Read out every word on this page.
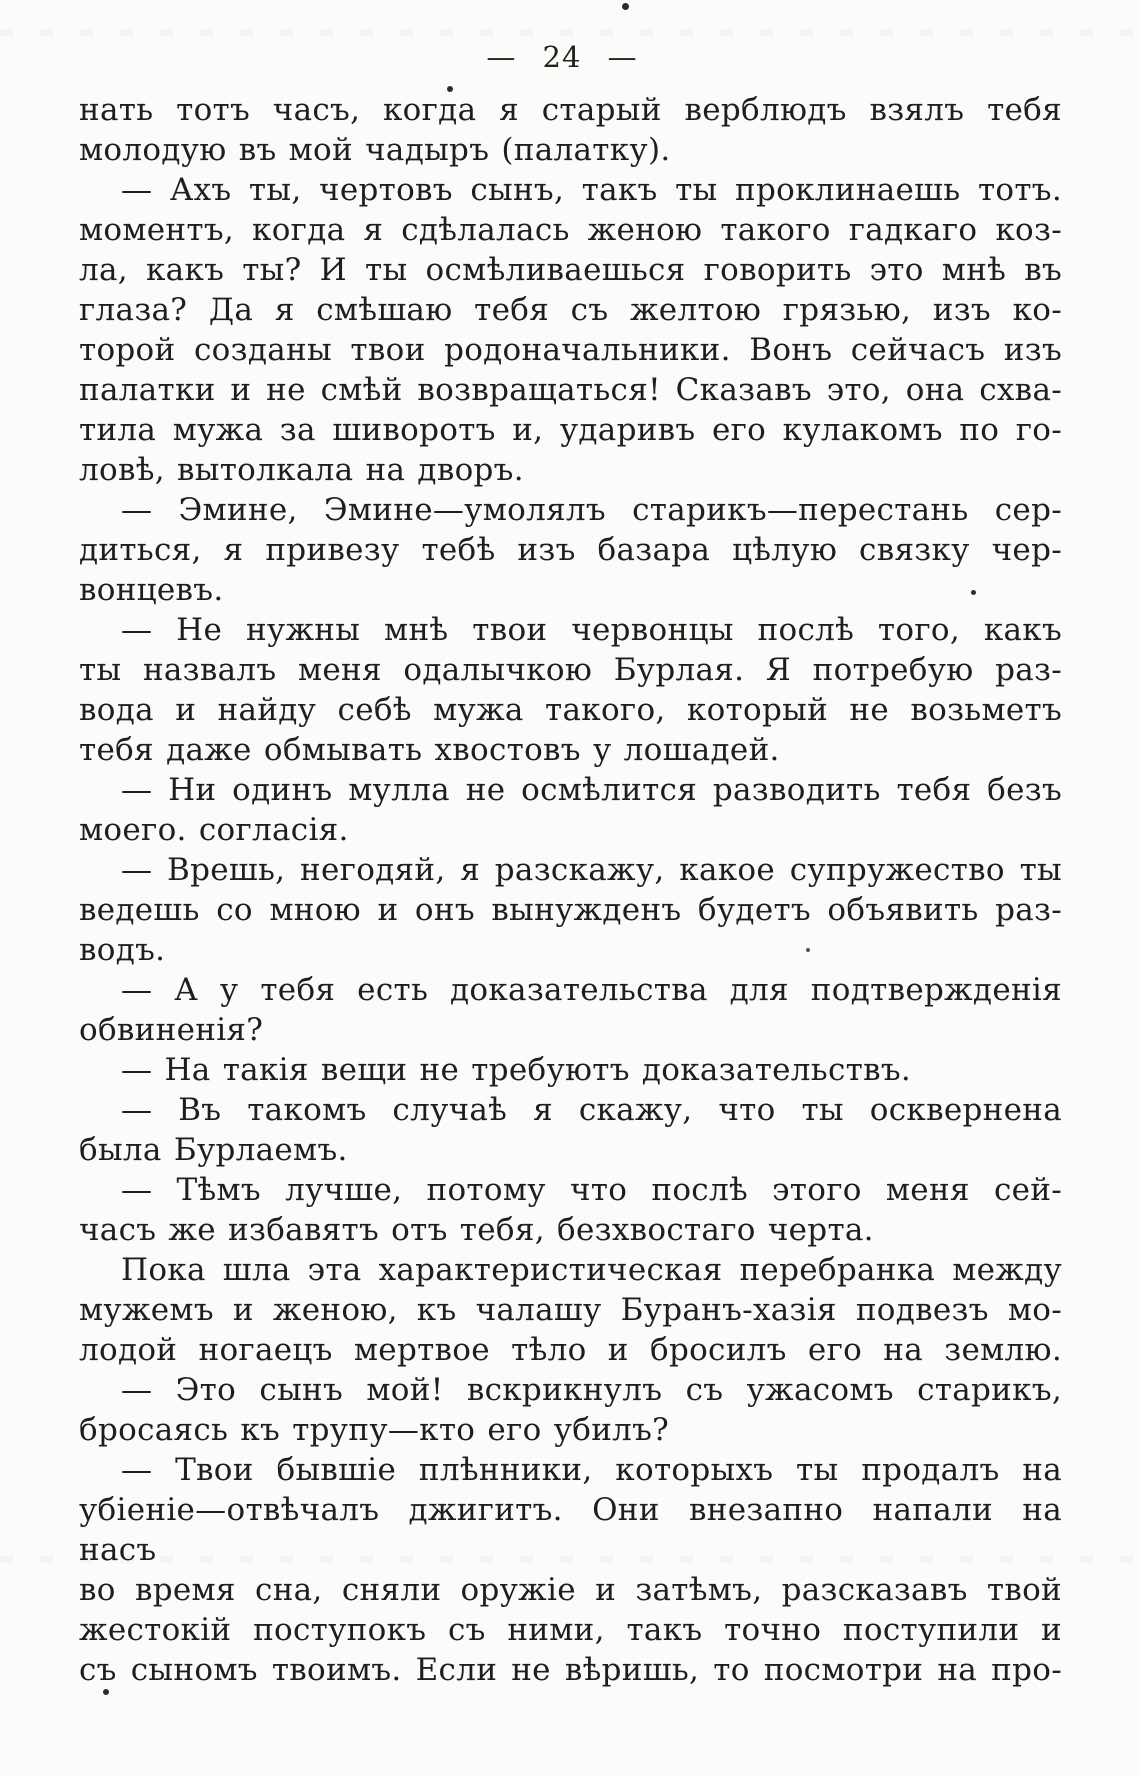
— 24 —
нать тотъ часъ, когда я старый верблюдъ взялъ тебя
молодую въ мой чадыръ (палатку).
— Ахъ ты, чертовъ сынъ, такъ ты проклинаешь тотъ.
моментъ, когда я сдѣлалась женою такого гадкаго коз-
ла, какъ ты? И ты осмѣливаешься говорить это мнѣ въ
глаза? Да я смѣшаю тебя съ желтою грязью, изъ ко-
торой созданы твои родоначальники. Вонъ сейчасъ изъ
палатки и не смѣй возвращаться! Сказавъ это, она схва-
тила мужа за шиворотъ и, ударивъ его кулакомъ по го-
ловѣ, вытолкала на дворъ.
— Эмине, Эмине—умолялъ старикъ—перестань сер-
диться, я привезу тебѣ изъ базара цѣлую связку чер-
вонцевъ.
— Не нужны мнѣ твои червонцы послѣ того, какъ
ты назвалъ меня одалычкою Бурлая. Я потребую раз-
вода и найду себѣ мужа такого, который не возьметъ
тебя даже обмывать хвостовъ у лошадей.
— Ни одинъ мулла не осмѣлится разводить тебя безъ
моего. согласія.
— Врешь, негодяй, я разскажу, какое супружество ты
ведешь со мною и онъ вынужденъ будетъ объявить раз-
водъ.
— А у тебя есть доказательства для подтвержденія
обвиненія?
— На такія вещи не требуютъ доказательствъ.
— Въ такомъ случаѣ я скажу, что ты осквернена
была Бурлаемъ.
— Тѣмъ лучше, потому что послѣ этого меня сей-
часъ же избавятъ отъ тебя, безхвостаго черта.
Пока шла эта характеристическая перебранка между
мужемъ и женою, къ чалашу Буранъ-хазія подвезъ мо-
лодой ногаецъ мертвое тѣло и бросилъ его на землю.
— Это сынъ мой! вскрикнулъ съ ужасомъ старикъ,
бросаясь къ трупу—кто его убилъ?
— Твои бывшіе плѣнники, которыхъ ты продалъ на
убіеніе—отвѣчалъ джигитъ. Они внезапно напали на насъ
во время сна, сняли оружіе и затѣмъ, разсказавъ твой
жестокій поступокъ съ ними, такъ точно поступили и
съ сыномъ твоимъ. Если не вѣришь, то посмотри на про-
